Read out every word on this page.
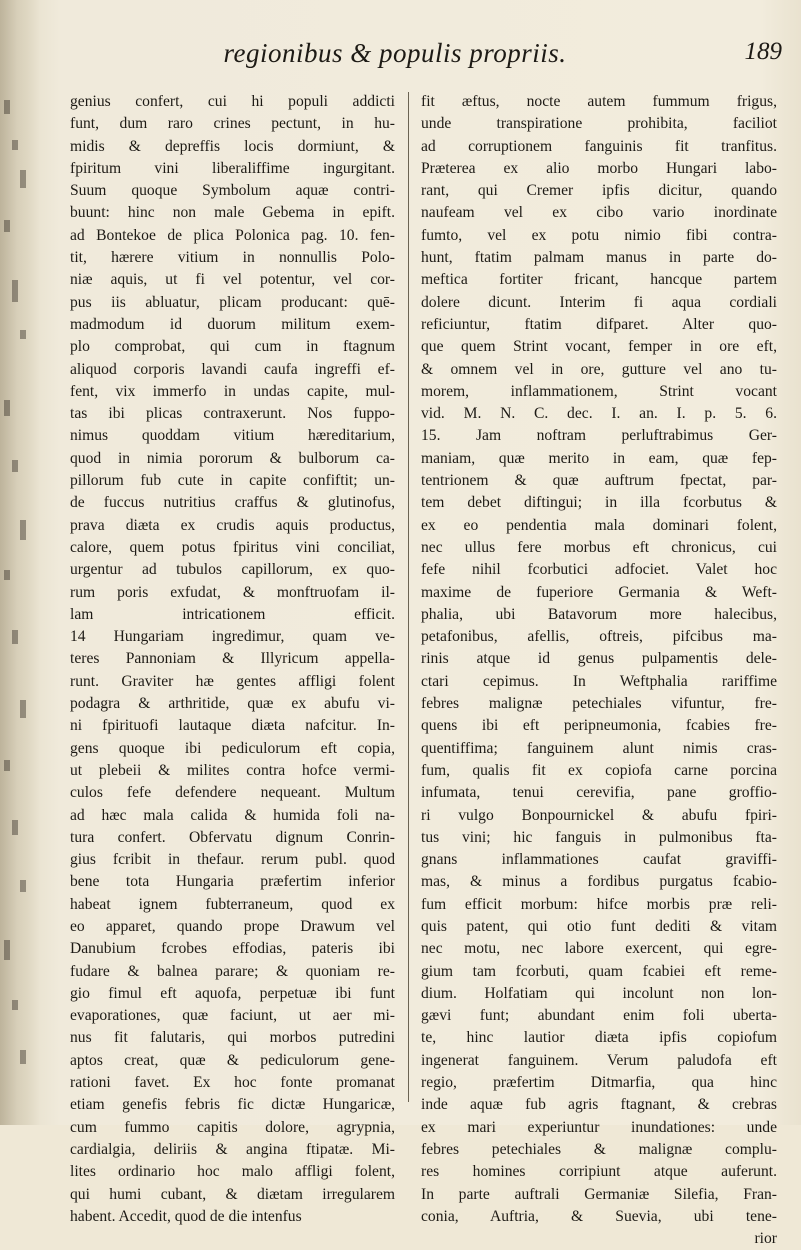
regionibus & populis propriis.	189
genius confert, cui hi populi addicti
funt, dum raro crines pectunt, in hu-
midis & depreffis locis dormiunt, &
fpiritum vini liberaliffime ingurgitant.
Suum quoque Symbolum aquæ contri-
buunt: hinc non male Gebema in epift.
ad Bontekoe de plica Polonica pag. 10. fen-
tit, hærere vitium in nonnullis Polo-
niæ aquis, ut fi vel potentur, vel cor-
pus iis abluatur, plicam producant: quē-
madmodum id duorum militum exem-
plo comprobat, qui cum in ftagnum
aliquod corporis lavandi caufa ingreffi ef-
fent, vix immerfo in undas capite, mul-
tas ibi plicas contraxerunt. Nos fuppo-
nimus quoddam vitium hæreditarium,
quod in nimia pororum & bulborum ca-
pillorum fub cute in capite confiftit; un-
de fuccus nutritius craffus & glutinofus,
prava diæta ex crudis aquis productus,
calore, quem potus fpiritus vini conciliat,
urgentur ad tubulos capillorum, ex quo-
rum poris exfudat, & monftruofam il-
lam intricationem efficit.
14 Hungariam ingredimur, quam ve-
teres Pannoniam & Illyricum appella-
runt. Graviter hæ gentes affligi folent
podagra & arthritide, quæ ex abufu vi-
ni fpirituofi lautaque diæta nafcitur. In-
gens quoque ibi pediculorum eft copia,
ut plebeii & milites contra hofce vermi-
culos fefe defendere nequeant. Multum
ad hæc mala calida & humida foli na-
tura confert. Obfervatu dignum Conrin-
gius fcribit in thefaur. rerum publ. quod
bene tota Hungaria præfertim inferior
habeat ignem fubterraneum, quod ex
eo apparet, quando prope Drawum vel
Danubium fcrobes effodias, pateris ibi
fudare & balnea parare; & quoniam re-
gio fimul eft aquofa, perpetuæ ibi funt
evaporationes, quæ faciunt, ut aer mi-
nus fit falutaris, qui morbos putredini
aptos creat, quæ & pediculorum gene-
rationi favet. Ex hoc fonte promanat
etiam genefis febris fic dictæ Hungaricæ,
cum fummo capitis dolore, agrypnia,
cardialgia, deliriis & angina ftipatæ. Mi-
lites ordinario hoc malo affligi folent,
qui humi cubant, & diætam irregularem
habent. Accedit, quod de die intenfus
fit æftus, nocte autem fummum frigus,
unde transpiratione prohibita, faciliot
ad corruptionem fanguinis fit tranfitus.
Præterea ex alio morbo Hungari labo-
rant, qui Cremer ipfis dicitur, quando
naufeam vel ex cibo vario inordinate
fumto, vel ex potu nimio fibi contra-
hunt, ftatim palmam manus in parte do-
meftica fortiter fricant, hancque partem
dolere dicunt. Interim fi aqua cordiali
reficiuntur, ftatim difparet. Alter quo-
que quem Strint vocant, femper in ore eft,
& omnem vel in ore, gutture vel ano tu-
morem, inflammationem, Strint vocant
vid. M. N. C. dec. I. an. I. p. 5. 6.
15. Jam noftram perluftrabimus Ger-
maniam, quæ merito in eam, quæ fep-
tentrionem & quæ auftrum fpectat, par-
tem debet diftingui; in illa fcorbutus &
ex eo pendentia mala dominari folent,
nec ullus fere morbus eft chronicus, cui
fefe nihil fcorbutici adfociet. Valet hoc
maxime de fuperiore Germania & Weft-
phalia, ubi Batavorum more halecibus,
petafonibus, afellis, oftreis, pifcibus ma-
rinis atque id genus pulpamentis dele-
ctari cepimus. In Weftphalia rariffime
febres malignæ petechiales vifuntur, fre-
quens ibi eft peripneumonia, fcabies fre-
quentiffima; fanguinem alunt nimis cras-
fum, qualis fit ex copiofa carne porcina
infumata, tenui cerevifia, pane groffio-
ri vulgo Bonpournickel & abufu fpiri-
tus vini; hic fanguis in pulmonibus fta-
gnans inflammationes caufat graviffi-
mas, & minus a fordibus purgatus fcabio-
fum efficit morbum: hifce morbis præ reli-
quis patent, qui otio funt dediti & vitam
nec motu, nec labore exercent, qui egre-
gium tam fcorbuti, quam fcabiei eft reme-
dium. Holfatiam qui incolunt non lon-
gævi funt; abundant enim foli uberta-
te, hinc lautior diæta ipfis copiofum
ingenerat fanguinem. Verum paludofa eft
regio, præfertim Ditmarfia, qua hinc
inde aquæ fub agris ftagnant, & crebras
ex mari experiuntur inundationes: unde
febres petechiales & malignæ complu-
res homines corripiunt atque auferunt.
In parte auftrali Germaniæ Silefia, Fran-
conia, Auftria, & Suevia, ubi tene-
rior
